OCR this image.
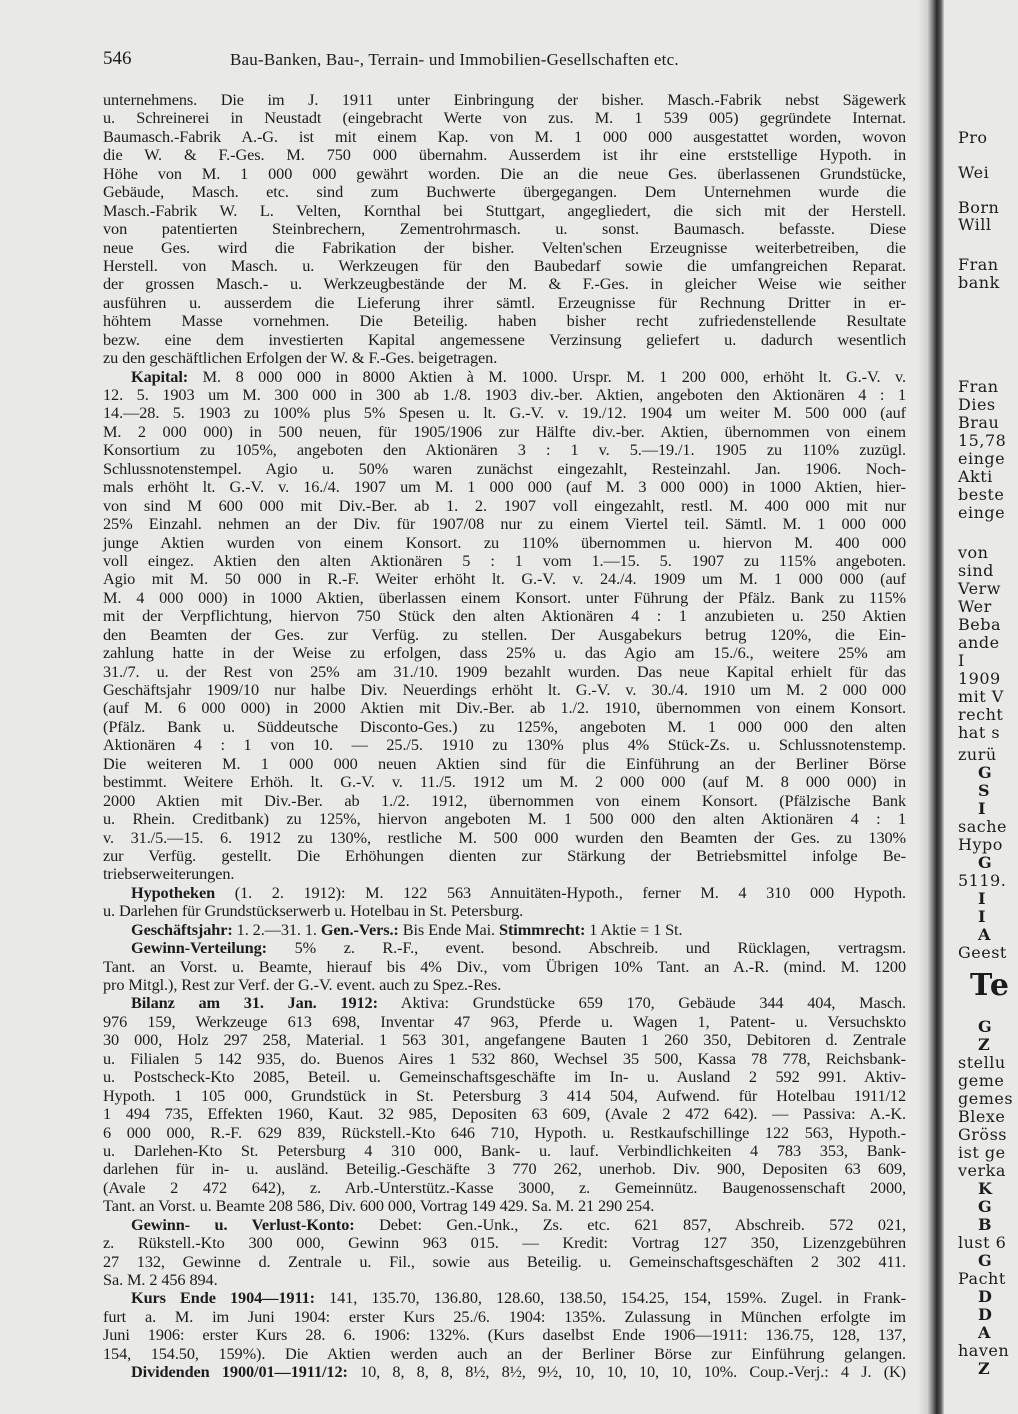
546	Bau-Banken, Bau-, Terrain- und Immobilien-Gesellschaften etc.
unternehmens. Die im J. 1911 unter Einbringung der bisher. Masch.-Fabrik nebst Sägewerk
u. Schreinerei in Neustadt (eingebracht Werte von zus. M. 1 539 005) gegründete Internat.
Baumasch.-Fabrik A.-G. ist mit einem Kap. von M. 1 000 000 ausgestattet worden, wovon
die W. & F.-Ges. M. 750 000 übernahm. Ausserdem ist ihr eine erststellige Hypoth. in
Höhe von M. 1 000 000 gewährt worden. Die an die neue Ges. überlassenen Grundstücke,
Gebäude, Masch. etc. sind zum Buchwerte übergegangen. Dem Unternehmen wurde die
Masch.-Fabrik W. L. Velten, Kornthal bei Stuttgart, angegliedert, die sich mit der Herstell.
von patentierten Steinbrechern, Zementrohrmasch. u. sonst. Baumasch. befasste. Diese
neue Ges. wird die Fabrikation der bisher. Velten'schen Erzeugnisse weiterbetreiben, die
Herstell. von Masch. u. Werkzeugen für den Baubedarf sowie die umfangreichen Reparat.
der grossen Masch.- u. Werkzeugbestände der M. & F.-Ges. in gleicher Weise wie seither
ausführen u. ausserdem die Lieferung ihrer sämtl. Erzeugnisse für Rechnung Dritter in er-
höhtem Masse vornehmen. Die Beteilig. haben bisher recht zufriedenstellende Resultate
bezw. eine dem investierten Kapital angemessene Verzinsung geliefert u. dadurch wesentlich
zu den geschäftlichen Erfolgen der W. & F.-Ges. beigetragen.
Kapital: M. 8 000 000 in 8000 Aktien à M. 1000. Urspr. M. 1 200 000, erhöht lt. G.-V. v.
12. 5. 1903 um M. 300 000 in 300 ab 1./8. 1903 div.-ber. Aktien, angeboten den Aktionären 4 : 1
14.—28. 5. 1903 zu 100% plus 5% Spesen u. lt. G.-V. v. 19./12. 1904 um weiter M. 500 000 (auf
M. 2 000 000) in 500 neuen, für 1905/1906 zur Hälfte div.-ber. Aktien, übernommen von einem
Konsortium zu 105%, angeboten den Aktionären 3 : 1 v. 5.—19./1. 1905 zu 110% zuzügl.
Schlussnotenstempel. Agio u. 50% waren zunächst eingezahlt, Resteinzahl. Jan. 1906. Noch-
mals erhöht lt. G.-V. v. 16./4. 1907 um M. 1 000 000 (auf M. 3 000 000) in 1000 Aktien, hier-
von sind M 600 000 mit Div.-Ber. ab 1. 2. 1907 voll eingezahlt, restl. M. 400 000 mit nur
25% Einzahl. nehmen an der Div. für 1907/08 nur zu einem Viertel teil. Sämtl. M. 1 000 000
junge Aktien wurden von einem Konsort. zu 110% übernommen u. hiervon M. 400 000
voll eingez. Aktien den alten Aktionären 5 : 1 vom 1.—15. 5. 1907 zu 115% angeboten.
Agio mit M. 50 000 in R.-F. Weiter erhöht lt. G.-V. v. 24./4. 1909 um M. 1 000 000 (auf
M. 4 000 000) in 1000 Aktien, überlassen einem Konsort. unter Führung der Pfälz. Bank zu 115%
mit der Verpflichtung, hiervon 750 Stück den alten Aktionären 4 : 1 anzubieten u. 250 Aktien
den Beamten der Ges. zur Verfüg. zu stellen. Der Ausgabekurs betrug 120%, die Ein-
zahlung hatte in der Weise zu erfolgen, dass 25% u. das Agio am 15./6., weitere 25% am
31./7. u. der Rest von 25% am 31./10. 1909 bezahlt wurden. Das neue Kapital erhielt für das
Geschäftsjahr 1909/10 nur halbe Div. Neuerdings erhöht lt. G.-V. v. 30./4. 1910 um M. 2 000 000
(auf M. 6 000 000) in 2000 Aktien mit Div.-Ber. ab 1./2. 1910, übernommen von einem Konsort.
(Pfälz. Bank u. Süddeutsche Disconto-Ges.) zu 125%, angeboten M. 1 000 000 den alten
Aktionären 4 : 1 von 10. — 25./5. 1910 zu 130% plus 4% Stück-Zs. u. Schlussnotenstemp.
Die weiteren M. 1 000 000 neuen Aktien sind für die Einführung an der Berliner Börse
bestimmt. Weitere Erhöh. lt. G.-V. v. 11./5. 1912 um M. 2 000 000 (auf M. 8 000 000) in
2000 Aktien mit Div.-Ber. ab 1./2. 1912, übernommen von einem Konsort. (Pfälzische Bank
u. Rhein. Creditbank) zu 125%, hiervon angeboten M. 1 500 000 den alten Aktionären 4 : 1
v. 31./5.—15. 6. 1912 zu 130%, restliche M. 500 000 wurden den Beamten der Ges. zu 130%
zur Verfüg. gestellt. Die Erhöhungen dienten zur Stärkung der Betriebsmittel infolge Be-
triebserweiterungen.
Hypotheken (1. 2. 1912): M. 122 563 Annuitäten-Hypoth., ferner M. 4 310 000 Hypoth.
u. Darlehen für Grundstückserwerb u. Hotelbau in St. Petersburg.
Geschäftsjahr: 1. 2.—31. 1. Gen.-Vers.: Bis Ende Mai. Stimmrecht: 1 Aktie = 1 St.
Gewinn-Verteilung: 5% z. R.-F., event. besond. Abschreib. und Rücklagen, vertragsm.
Tant. an Vorst. u. Beamte, hierauf bis 4% Div., vom Übrigen 10% Tant. an A.-R. (mind. M. 1200
pro Mitgl.), Rest zur Verf. der G.-V. event. auch zu Spez.-Res.
Bilanz am 31. Jan. 1912: Aktiva: Grundstücke 659 170, Gebäude 344 404, Masch.
976 159, Werkzeuge 613 698, Inventar 47 963, Pferde u. Wagen 1, Patent- u. Versuchskto
30 000, Holz 297 258, Material. 1 563 301, angefangene Bauten 1 260 350, Debitoren d. Zentrale
u. Filialen 5 142 935, do. Buenos Aires 1 532 860, Wechsel 35 500, Kassa 78 778, Reichsbank-
u. Postscheck-Kto 2085, Beteil. u. Gemeinschaftsgeschäfte im In- u. Ausland 2 592 991. Aktiv-
Hypoth. 1 105 000, Grundstück in St. Petersburg 3 414 504, Aufwend. für Hotelbau 1911/12
1 494 735, Effekten 1960, Kaut. 32 985, Depositen 63 609, (Avale 2 472 642). — Passiva: A.-K.
6 000 000, R.-F. 629 839, Rückstell.-Kto 646 710, Hypoth. u. Restkaufschillinge 122 563, Hypoth.-
u. Darlehen-Kto St. Petersburg 4 310 000, Bank- u. lauf. Verbindlichkeiten 4 783 353, Bank-
darlehen für in- u. ausländ. Beteilig.-Geschäfte 3 770 262, unerhob. Div. 900, Depositen 63 609,
(Avale 2 472 642), z. Arb.-Unterstütz.-Kasse 3000, z. Gemeinnütz. Baugenossenschaft 2000,
Tant. an Vorst. u. Beamte 208 586, Div. 600 000, Vortrag 149 429. Sa. M. 21 290 254.
Gewinn- u. Verlust-Konto: Debet: Gen.-Unk., Zs. etc. 621 857, Abschreib. 572 021,
z. Rükstell.-Kto 300 000, Gewinn 963 015. — Kredit: Vortrag 127 350, Lizenzgebühren
27 132, Gewinne d. Zentrale u. Fil., sowie aus Beteilig. u. Gemeinschaftsgeschäften 2 302 411.
Sa. M. 2 456 894.
Kurs Ende 1904—1911: 141, 135.70, 136.80, 128.60, 138.50, 154.25, 154, 159%. Zugel. in Frank-
furt a. M. im Juni 1904: erster Kurs 25./6. 1904: 135%. Zulassung in München erfolgte im
Juni 1906: erster Kurs 28. 6. 1906: 132%. (Kurs daselbst Ende 1906—1911: 136.75, 128, 137,
154, 154.50, 159%). Die Aktien werden auch an der Berliner Börse zur Einführung gelangen.
Dividenden 1900/01—1911/12: 10, 8, 8, 8, 8½, 8½, 9½, 10, 10, 10, 10, 10%. Coup.-Verj.: 4 J. (K)
Pro
Wei
Born
Will
Fran
bank
Fran
Dies
Brau
15,78
einge
Akti
beste
einge
von
sind
Verw
Wer
Beba
ande
I
1909
mit V
recht
hat s
zurü
G
S
I
sache
Hypo
G
5119.
I
I
A
Geest
Te
G
Z
stellu
geme
gemes
Blexe
Gröss
ist ge
verka
K
G
B
lust 6
G
Pacht
D
D
A
haven
Z
